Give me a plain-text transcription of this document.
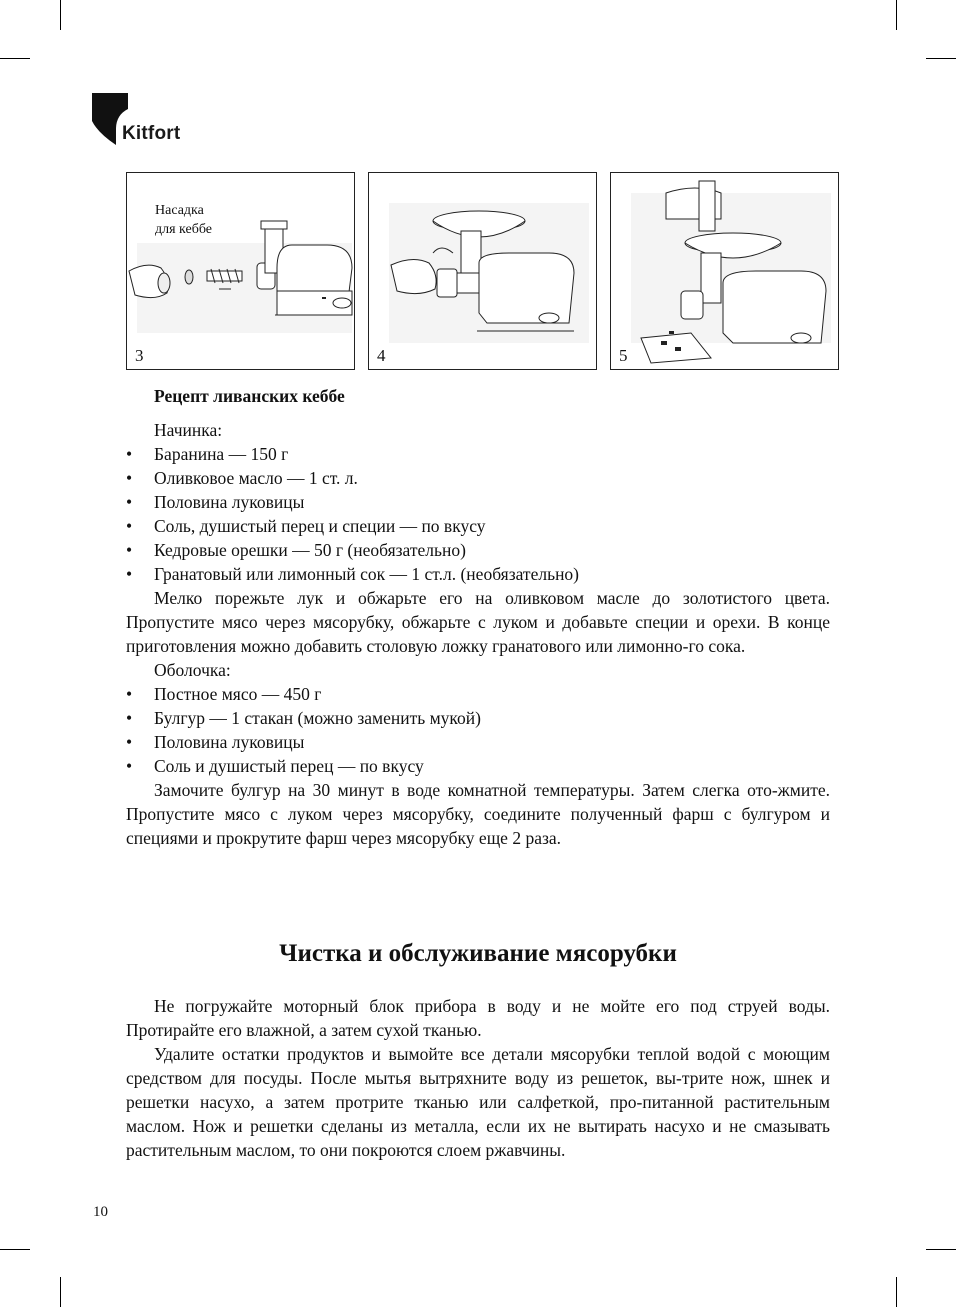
Kitfort
Насадка
для кеббе
3	4	5

Рецепт ливанских кеббе

Начинка:

• Баранина — 150 г
• Оливковое масло — 1 ст. л.
• Половина луковицы
• Соль, душистый перец и специи — по вкусу
• Кедровые орешки — 50 г (необязательно)
• Гранатовый или лимонный сок — 1 ст.л. (необязательно)

Мелко порежьте лук и обжарьте его на оливковом масле до золотистого цвета. Пропустите мясо через мясорубку, обжарьте с луком и добавьте специи и орехи. В конце приготовления можно добавить столовую ложку гранатового или лимонно-го сока.

Оболочка:

• Постное мясо — 450 г
• Булгур — 1 стакан (можно заменить мукой)
• Половина луковицы
• Соль и душистый перец — по вкусу

Замочите булгур на 30 минут в воде комнатной температуры. Затем слегка ото-жмите. Пропустите мясо с луком через мясорубку, соедините полученный фарш с булгуром и специями и прокрутите фарш через мясорубку еще 2 раза.

Чистка и обслуживание мясорубки

Не погружайте моторный блок прибора в воду и не мойте его под струей воды. Протирайте его влажной, а затем сухой тканью.

Удалите остатки продуктов и вымойте все детали мясорубки теплой водой с моющим средством для посуды. После мытья вытряхните воду из решеток, вы-трите нож, шнек и решетки насухо, а затем протрите тканью или салфеткой, про-питанной растительным маслом. Нож и решетки сделаны из металла, если их не вытирать насухо и не смазывать растительным маслом, то они покроются слоем ржавчины.

10
